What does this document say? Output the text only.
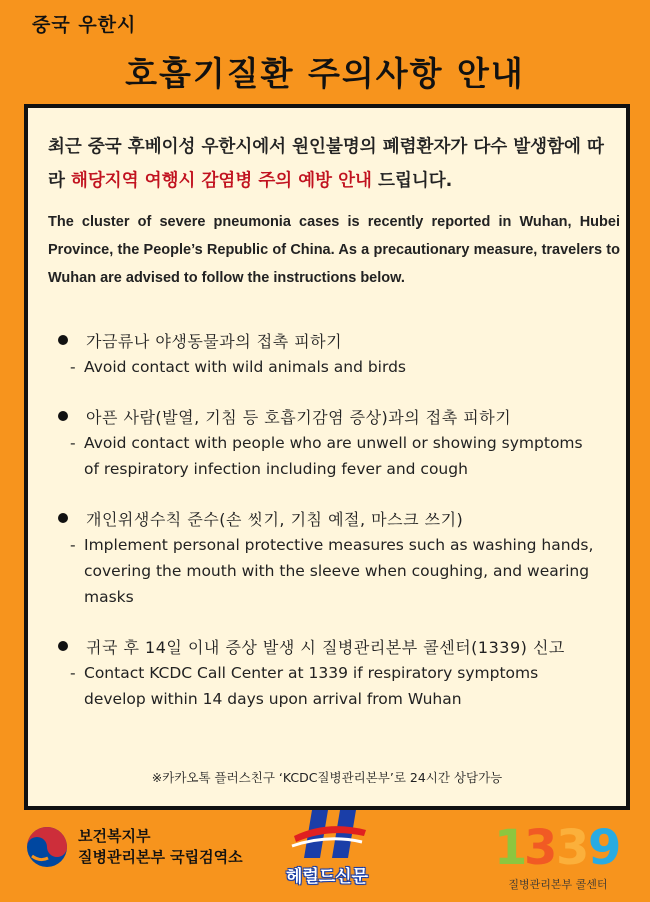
중국 우한시
호흡기질환 주의사항 안내
최근 중국 후베이성 우한시에서 원인불명의 폐렴환자가 다수 발생함에 따라 해당지역 여행시 감염병 주의 예방 안내 드립니다.
The cluster of severe pneumonia cases is recently reported in Wuhan, Hubei Province, the People’s Republic of China. As a precautionary measure, travelers to Wuhan are advised to follow the instructions below.
가금류나 야생동물과의 접촉 피하기
- Avoid contact with wild animals and birds
아픈 사람(발열, 기침 등 호흡기감염 증상)과의 접촉 피하기
- Avoid contact with people who are unwell or showing symptoms of respiratory infection including fever and cough
개인위생수칙 준수(손 씻기, 기침 예절, 마스크 쓰기)
- Implement personal protective measures such as washing hands, covering the mouth with the sleeve when coughing, and wearing masks
귀국 후 14일 이내 증상 발생 시 질병관리본부 콜센터(1339) 신고
- Contact KCDC Call Center at 1339 if respiratory symptoms develop within 14 days upon arrival from Wuhan
※카카오톡 플러스친구 ‘KCDC질병관리본부’로 24시간 상담가능
보건복지부
질병관리본부 국립검역소
헤럴드신문
1
3
3
9
질병관리본부 콜센터
